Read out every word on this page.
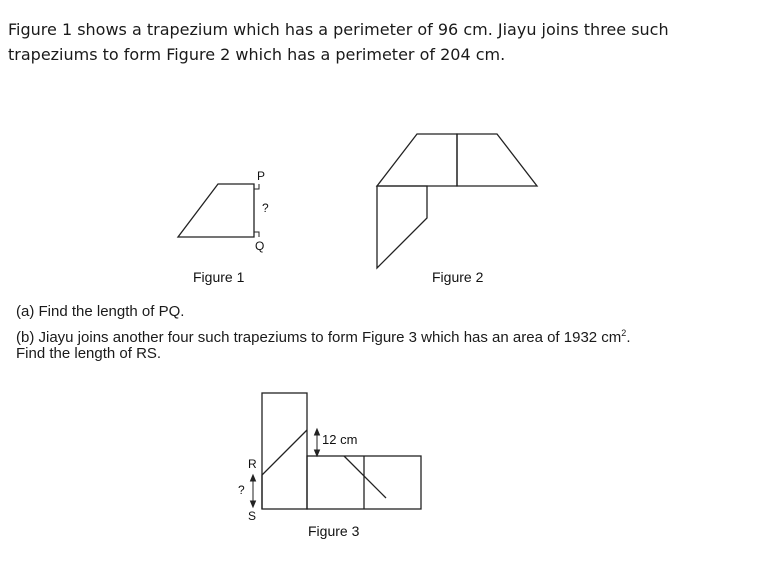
Figure 1 shows a trapezium which has a perimeter of 96 cm. Jiayu joins three such trapeziums to form Figure 2 which has a perimeter of 204 cm.

(a) Find the length of PQ.

(b) Jiayu joins another four such trapeziums to form Figure 3 which has an area of 1932 $cm^2$.

Find the length of RS.

P
?
Q
Figure 1	Figure 2
12 cm
R
?
S
Figure 3
